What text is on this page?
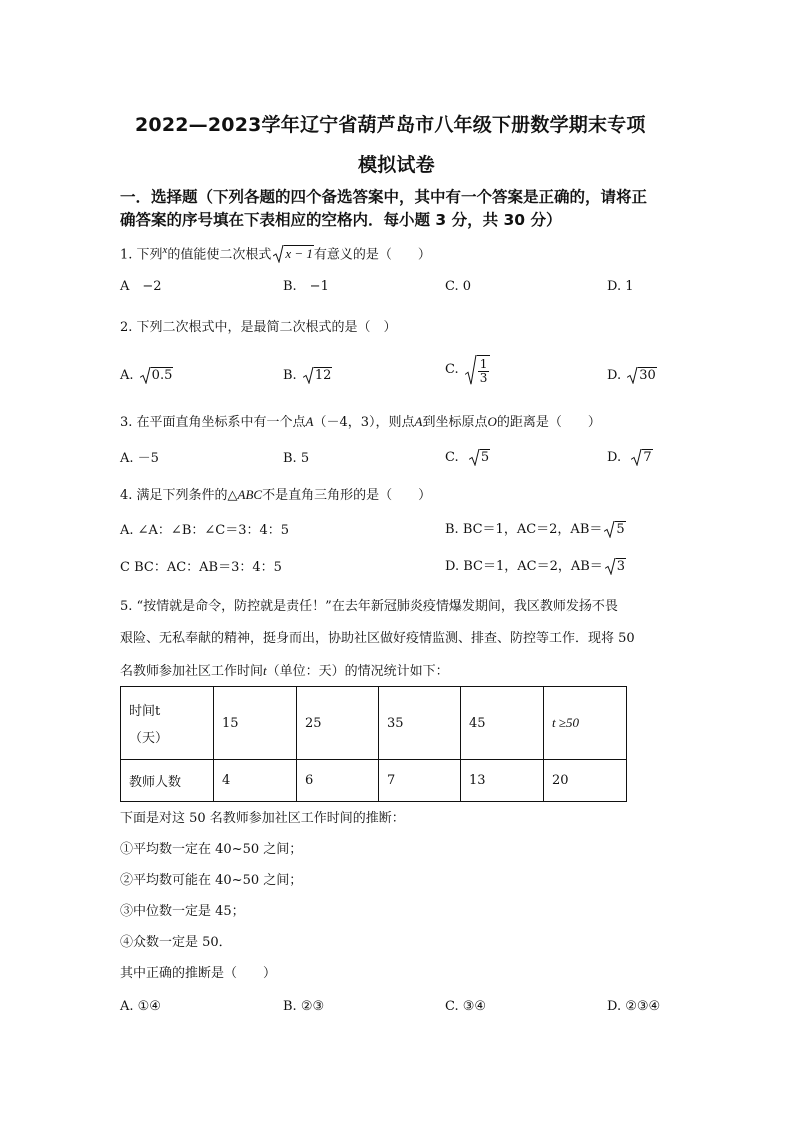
2022—2023学年辽宁省葫芦岛市八年级下册数学期末专项
模拟试卷
一．选择题（下列各题的四个备选答案中，其中有一个答案是正确的，请将正
确答案的序号填在下表相应的空格内．每小题 3 分，共 30 分）
1. 下列$^x$的值能使二次根式 x − 1有意义的是（　　）
A　−2	B.　−1	C. 0	D. 1
2. 下列二次根式中，是最简二次根式的是（　）
A. 0.5	B. 12	C. $\frac{1}{3}$	D. 30
3. 在平面直角坐标系中有一个点A（－4，3），则点A到坐标原点O的距离是（　　）
A. －5	B. 5	C. 5	D. 7
4. 满足下列条件的△ABC不是直角三角形的是（　　）
A. ∠A：∠B：∠C＝3：4：5	B. BC＝1，AC＝2，AB＝ 5
C BC：AC：AB＝3：4：5	D. BC＝1，AC＝2，AB＝ 3
5. “按情就是命令，防控就是责任！”在去年新冠肺炎疫情爆发期间，我区教师发扬不畏
艰险、无私奉献的精神，挺身而出，协助社区做好疫情监测、排查、防控等工作．现将 50
名教师参加社区工作时间t（单位：天）的情况统计如下：
时间t
（天）	15	25	35	45	t ≥50
教师人数	4	6	7	13	20
下面是对这 50 名教师参加社区工作时间的推断：
①平均数一定在 40~50 之间；
②平均数可能在 40~50 之间；
③中位数一定是 45；
④众数一定是 50．
其中正确的推断是（　　）
A. ①④	B. ②③	C. ③④	D. ②③④
